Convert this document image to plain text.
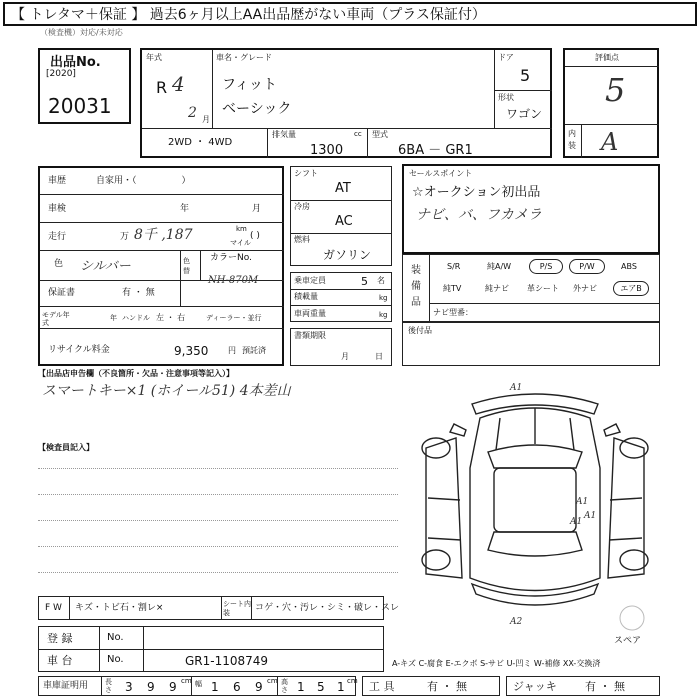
【 トレタマ＋保証 】 過去6ヶ月以上AA出品歴がない車両（プラス保証付）
（検査機）対応/未対応
出品No.
[2020]
20031
年式
R 4
2 月
車名・グレード
フィット
ベーシック
ドア
5
形状
ワゴン
2WD ・ 4WD
排気量	cc
1300
型式
6BA － GR1
評価点
5
内装 A
車歴	自家用・（　　　　　）
車検	年	月
走行	万 8千 ,187	km
マイル
( )
色 シルバー	色替
カラーNo.
NH-870M
保証書	有 ・ 無
モデル年式
年 ハンドル 左 ・ 右	ディーラー・並行
リサイクル料金	9,350 円 預託済
シフト
AT
冷房
AC
燃料
ガソリン
乗車定員	5 名
積載量	kg
車両重量	kg
書類期限
月	日
セールスポイント
☆オークション初出品
ナビ、バ、フカメラ
装備品
S/R	純A/W	P/S	P/W	ABS
純TV	純ナビ 革シート 外ナビ	エアB
ナビ型番：
後付品
【出品店申告欄（不良箇所・欠品・注意事項等記入）】
スマートキー×1 (ホイール51) 4本差山
【検査員記入】
A1
A1
A1
A1
A2
スペア
F W キズ・トビ石・割レ×	シート内装	コゲ・穴・汚レ・シミ・破レ・スレ
登 録	No.
車 台	No.	GR1-1108749	A-キズ C-腐食 E-エクボ S-サビ U-凹ミ W-補修 XX-交換済
車庫証明用 長さ 3 9 9 cm 幅 1 6 9 cm 高さ 1 5 1 cm 工 具	有 ・ 無	ジャッキ	有 ・ 無
